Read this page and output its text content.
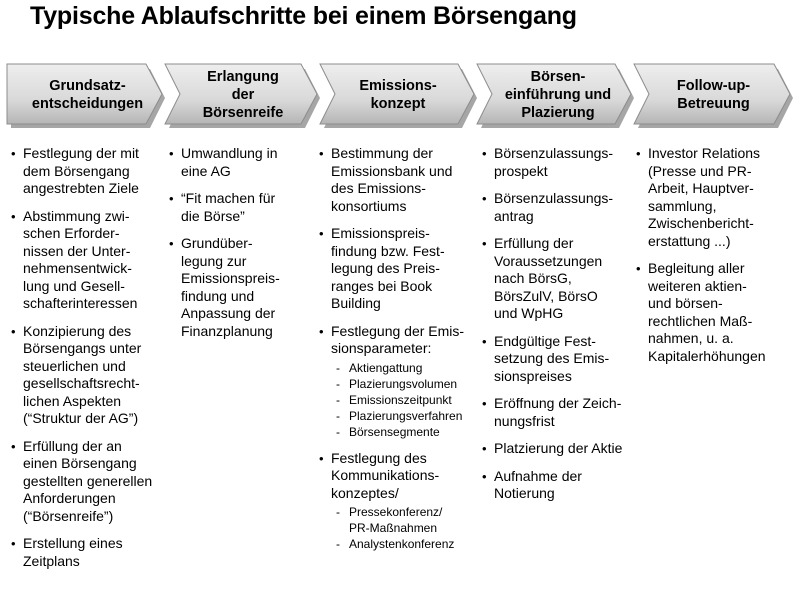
Typische Ablaufschritte bei einem Börsengang
Grundsatz-
entscheidungen
Erlangung
der
Börsenreife
Emissions-
konzept
Börsen-
einführung und
Plazierung
Follow-up-
Betreuung
• Festlegung der mit
dem Börsengang
angestrebten Ziele
• Abstimmung zwi-
schen Erforder-
nissen der Unter-
nehmensentwick-
lung und Gesell-
schafterinteressen
• Konzipierung des
Börsengangs unter
steuerlichen und
gesellschaftsrecht-
lichen Aspekten
(“Struktur der AG”)
• Erfüllung der an
einen Börsengang
gestellten generellen
Anforderungen
(“Börsenreife”)
• Erstellung eines
Zeitplans
• Umwandlung in
eine AG
• “Fit machen für
die Börse”
• Grundüber-
legung zur
Emissionspreis-
findung und
Anpassung der
Finanzplanung
• Bestimmung der
Emissionsbank und
des Emissions-
konsortiums
• Emissionspreis-
findung bzw. Fest-
legung des Preis-
ranges bei Book
Building
• Festlegung der Emis-
sionsparameter:
- Aktiengattung
- Plazierungsvolumen
- Emissionszeitpunkt
- Plazierungsverfahren
- Börsensegmente
• Festlegung des
Kommunikations-
konzeptes/
- Pressekonferenz/
PR-Maßnahmen
- Analystenkonferenz
• Börsenzulassungs-
prospekt
• Börsenzulassungs-
antrag
• Erfüllung der
Voraussetzungen
nach BörsG,
BörsZulV, BörsO
und WpHG
• Endgültige Fest-
setzung des Emis-
sionspreises
• Eröffnung der Zeich-
nungsfrist
• Platzierung der Aktie
• Aufnahme der
Notierung
• Investor Relations
(Presse und PR-
Arbeit, Hauptver-
sammlung,
Zwischenbericht-
erstattung ...)
• Begleitung aller
weiteren aktien-
und börsen-
rechtlichen Maß-
nahmen, u. a.
Kapitalerhöhungen
